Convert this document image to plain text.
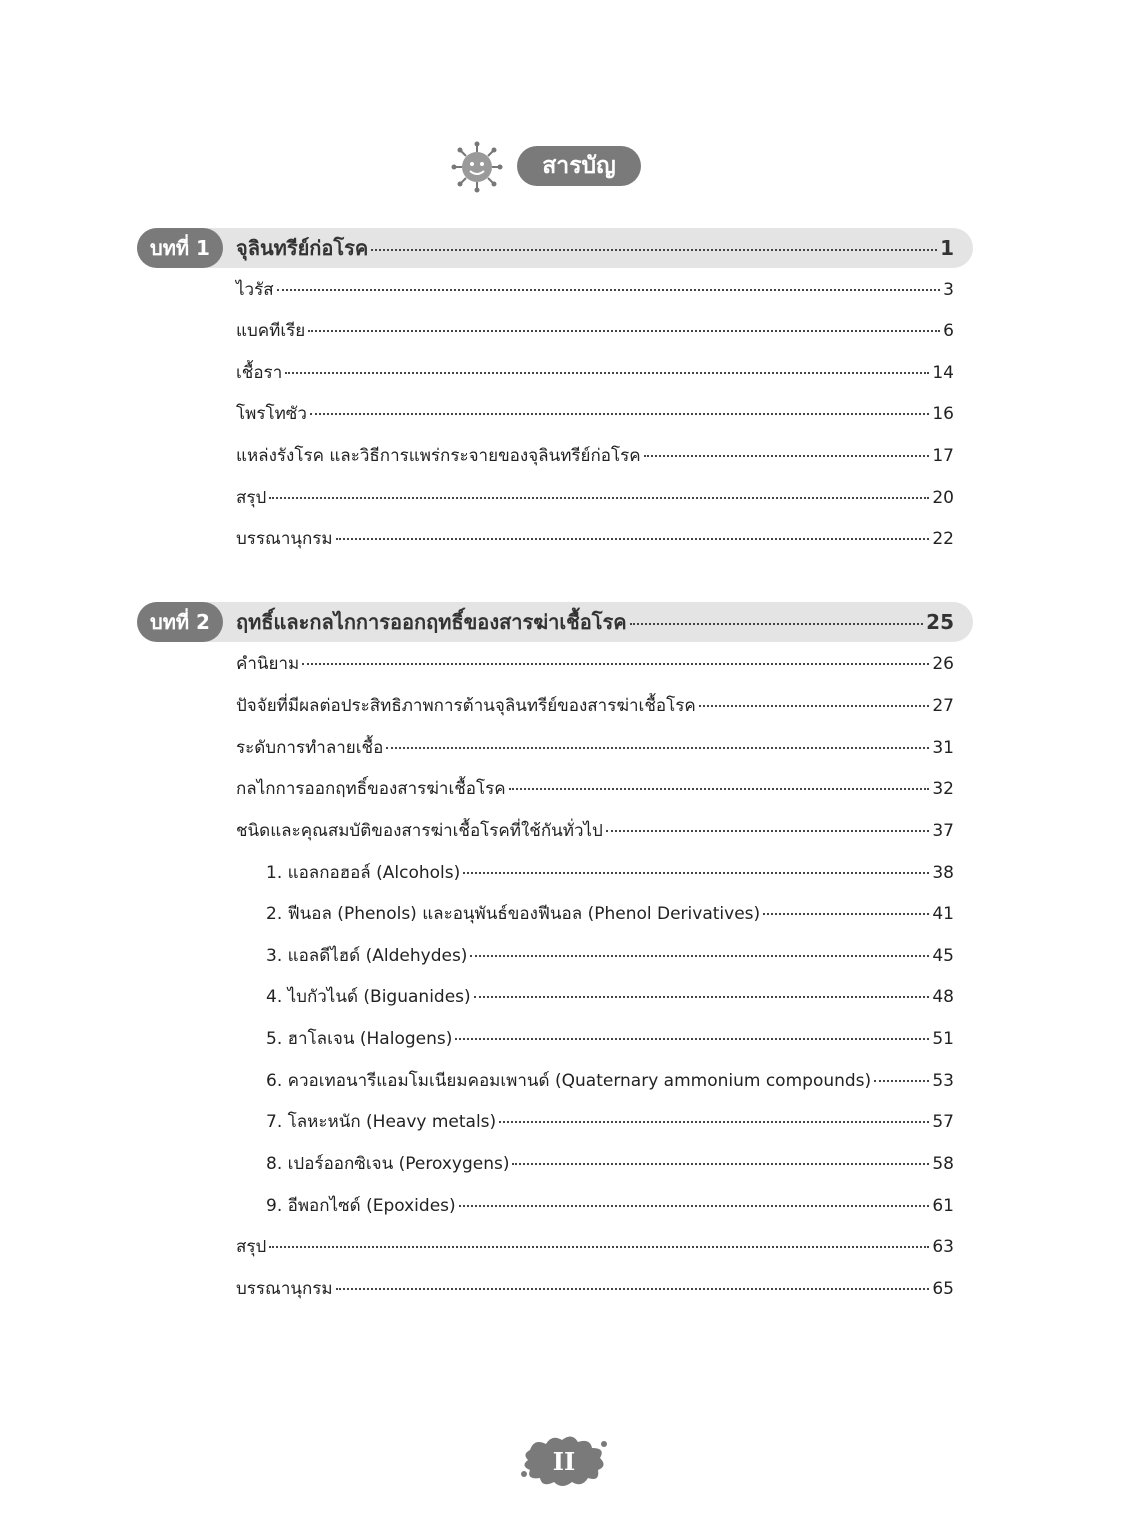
สารบัญ
บทที่ 1	จุลินทรีย์ก่อโรค	1
ไวรัส	3
แบคทีเรีย	6
เชื้อรา	14
โพรโทซัว	16
แหล่งรังโรค และวิธีการแพร่กระจายของจุลินทรีย์ก่อโรค	17
สรุป	20
บรรณานุกรม	22
บทที่ 2	ฤทธิ์และกลไกการออกฤทธิ์ของสารฆ่าเชื้อโรค	25
คำนิยาม	26
ปัจจัยที่มีผลต่อประสิทธิภาพการต้านจุลินทรีย์ของสารฆ่าเชื้อโรค	27
ระดับการทำลายเชื้อ	31
กลไกการออกฤทธิ์ของสารฆ่าเชื้อโรค	32
ชนิดและคุณสมบัติของสารฆ่าเชื้อโรคที่ใช้กันทั่วไป	37
1. แอลกอฮอล์ (Alcohols)	38
2. ฟีนอล (Phenols) และอนุพันธ์ของฟีนอล (Phenol Derivatives)	41
3. แอลดีไฮด์ (Aldehydes)	45
4. ไบกัวไนด์ (Biguanides)	48
5. ฮาโลเจน (Halogens)	51
6. ควอเทอนารีแอมโมเนียมคอมเพานด์ (Quaternary ammonium compounds)	53
7. โลหะหนัก (Heavy metals)	57
8. เปอร์ออกซิเจน (Peroxygens)	58
9. อีพอกไซด์ (Epoxides)	61
สรุป	63
บรรณานุกรม	65
II
